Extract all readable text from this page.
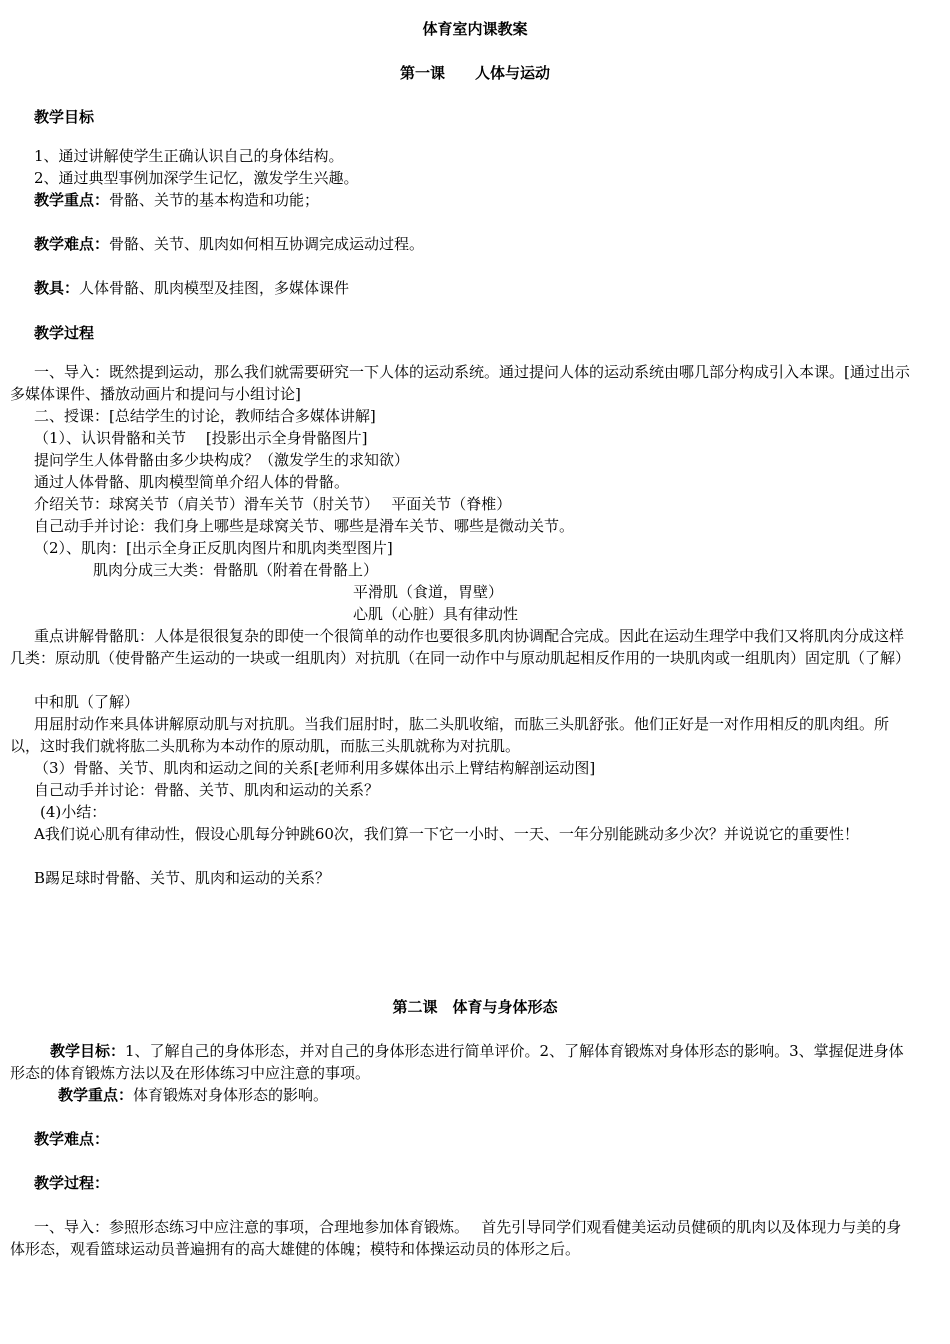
体育室内课教案
第一课　　人体与运动
教学目标
1、通过讲解使学生正确认识自己的身体结构。
2、通过典型事例加深学生记忆，激发学生兴趣。
教学重点：骨骼、关节的基本构造和功能；
教学难点：骨骼、关节、肌肉如何相互协调完成运动过程。
教具：人体骨骼、肌肉模型及挂图，多媒体课件
教学过程
一、导入：既然提到运动，那么我们就需要研究一下人体的运动系统。通过提问人体的运动系统由哪几部分构成引入本课。[通过出示多媒体课件、播放动画片和提问与小组讨论]
二、授课：[总结学生的讨论，教师结合多媒体讲解]
（1）、认识骨骼和关节　 [投影出示全身骨骼图片]
提问学生人体骨骼由多少块构成？（激发学生的求知欲）
通过人体骨骼、肌肉模型简单介绍人体的骨骼。
介绍关节：球窝关节（肩关节）滑车关节（肘关节）　 平面关节（脊椎）
自己动手并讨论：我们身上哪些是球窝关节、哪些是滑车关节、哪些是微动关节。
（2）、肌肉：[出示全身正反肌肉图片和肌肉类型图片]
肌肉分成三大类：骨骼肌（附着在骨骼上）
平滑肌（食道，胃壁）
心肌（心脏）具有律动性
重点讲解骨骼肌：人体是很很复杂的即使一个很简单的动作也要很多肌肉协调配合完成。因此在运动生理学中我们又将肌肉分成这样几类：原动肌（使骨骼产生运动的一块或一组肌肉）对抗肌（在同一动作中与原动肌起相反作用的一块肌肉或一组肌肉）固定肌（了解）
中和肌（了解）
用屈肘动作来具体讲解原动肌与对抗肌。当我们屈肘时，肱二头肌收缩，而肱三头肌舒张。他们正好是一对作用相反的肌肉组。所以，这时我们就将肱二头肌称为本动作的原动肌，而肱三头肌就称为对抗肌。
（3）骨骼、关节、肌肉和运动之间的关系[老师利用多媒体出示上臂结构解剖运动图]
自己动手并讨论：骨骼、关节、肌肉和运动的关系？
(4)小结：
A我们说心肌有律动性，假设心肌每分钟跳60次，我们算一下它一小时、一天、一年分别能跳动多少次？并说说它的重要性！
B踢足球时骨骼、关节、肌肉和运动的关系？
第二课　体育与身体形态
教学目标：1、了解自己的身体形态，并对自己的身体形态进行简单评价。2、了解体育锻炼对身体形态的影响。3、掌握促进身体形态的体育锻炼方法以及在形体练习中应注意的事项。
教学重点：体育锻炼对身体形态的影响。
教学难点：
教学过程：
一、导入：参照形态练习中应注意的事项，合理地参加体育锻炼。　 首先引导同学们观看健美运动员健硕的肌肉以及体现力与美的身体形态，观看篮球运动员普遍拥有的高大雄健的体魄；模特和体操运动员的体形之后。
